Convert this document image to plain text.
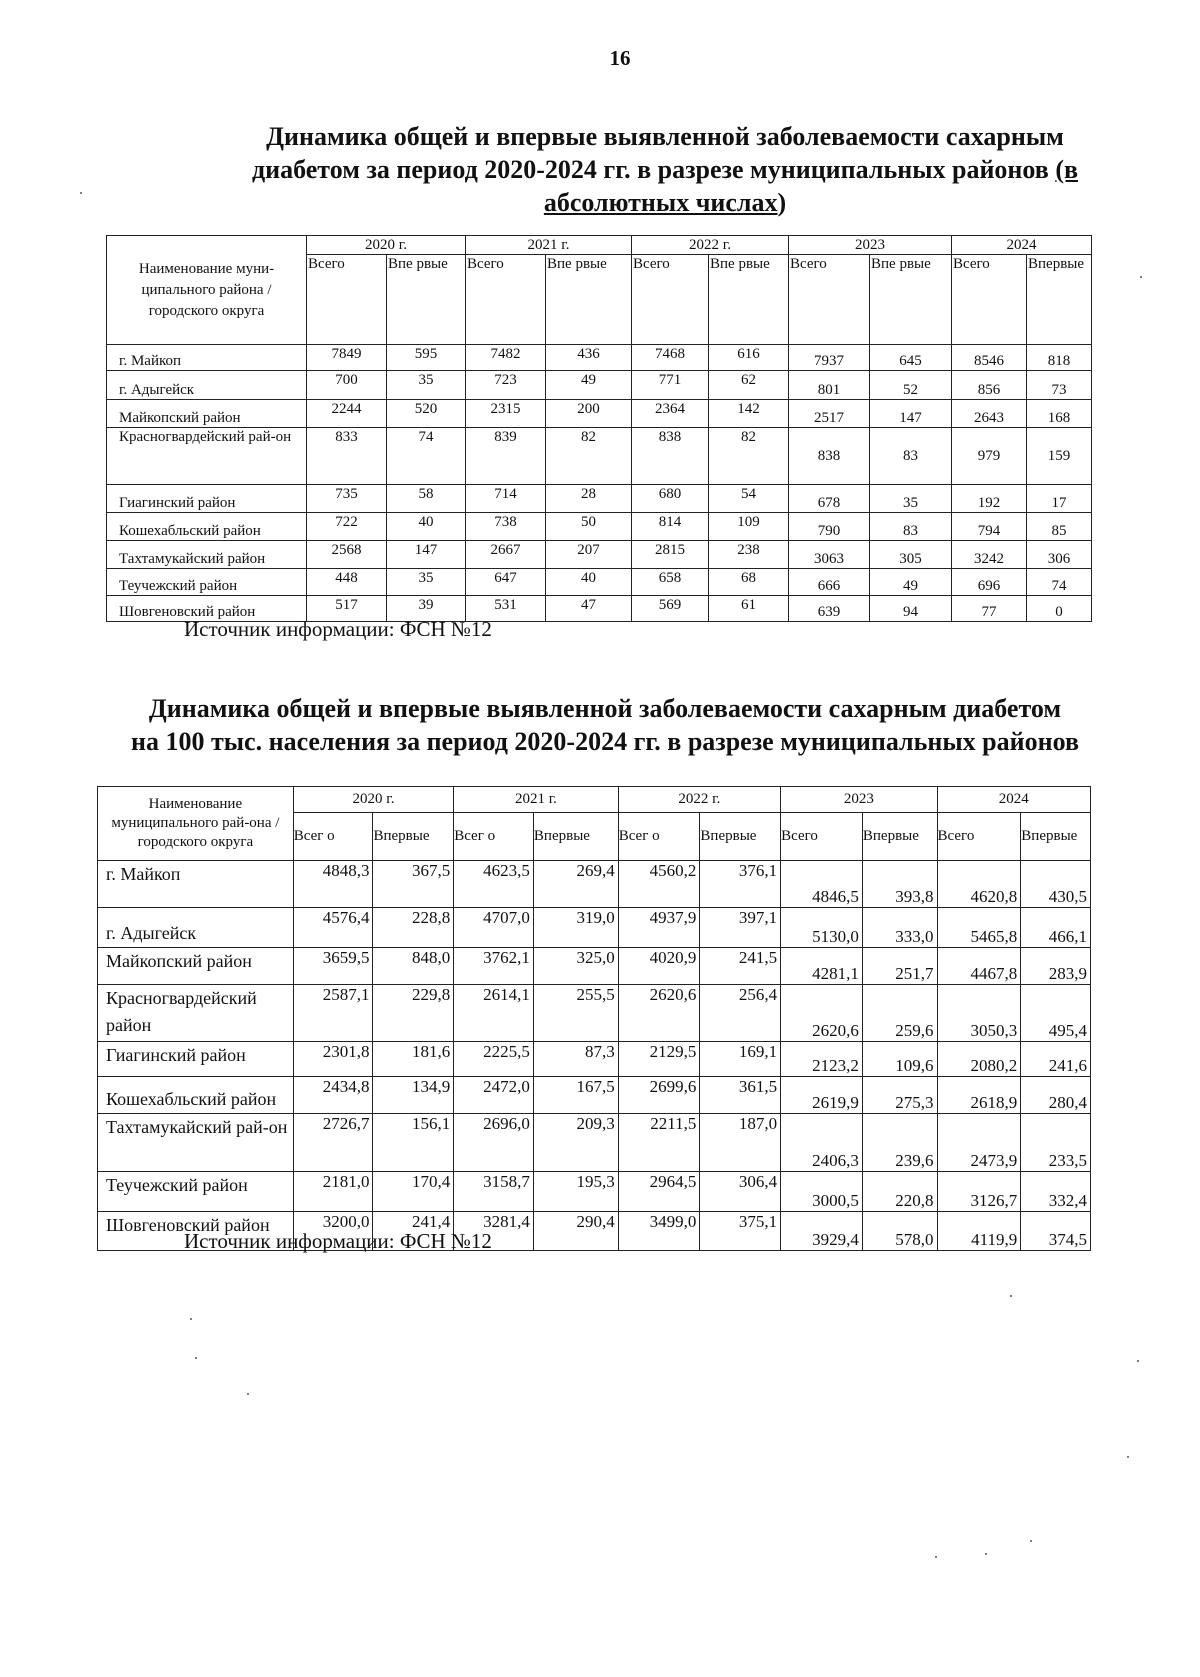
16
Динамика общей и впервые выявленной заболеваемости сахарным
диабетом за период 2020-2024 гг. в разрезе муниципальных районов (в
абсолютных числах)
Наименование муни-ципального района / городского округа	2020 г.		2021 г.		2022 г.		2023		2024	
	Всего	Впе рвые	Всего	Впе рвые	Всего	Впе рвые	Всего	Впе рвые	Всего	Впервые
г. Майкоп	7849	595	7482	436	7468	616	7937	645	8546	818
г. Адыгейск	700	35	723	49	771	62	801	52	856	73
Майкопский район	2244	520	2315	200	2364	142	2517	147	2643	168
Красногвардейский рай-он	833	74	839	82	838	82	838	83	979	159
Гиагинский район	735	58	714	28	680	54	678	35	192	17
Кошехабльский район	722	40	738	50	814	109	790	83	794	85
Тахтамукайский район	2568	147	2667	207	2815	238	3063	305	3242	306
Теучежский район	448	35	647	40	658	68	666	49	696	74
Шовгеновский район	517	39	531	47	569	61	639	94	77	0
Источник информации: ФСН №12
Динамика общей и впервые выявленной заболеваемости сахарным диабетом
на 100 тыс. населения за период 2020-2024 гг. в разрезе муниципальных районов
Наименование муниципального рай-она / городского округа	2020 г.		2021 г.		2022 г.		2023		2024	
	Всег о	Впервые	Всег о	Впервые	Всег о	Впервые	Всего	Впервые	Всего	Впервые
г. Майкоп	4848,3	367,5	4623,5	269,4	4560,2	376,1	4846,5	393,8	4620,8	430,5
г. Адыгейск	4576,4	228,8	4707,0	319,0	4937,9	397,1	5130,0	333,0	5465,8	466,1
Майкопский район	3659,5	848,0	3762,1	325,0	4020,9	241,5	4281,1	251,7	4467,8	283,9
Красногвардейский район	2587,1	229,8	2614,1	255,5	2620,6	256,4	2620,6	259,6	3050,3	495,4
Гиагинский район	2301,8	181,6	2225,5	87,3	2129,5	169,1	2123,2	109,6	2080,2	241,6
Кошехабльский район	2434,8	134,9	2472,0	167,5	2699,6	361,5	2619,9	275,3	2618,9	280,4
Тахтамукайский рай-он	2726,7	156,1	2696,0	209,3	2211,5	187,0	2406,3	239,6	2473,9	233,5
Теучежский район	2181,0	170,4	3158,7	195,3	2964,5	306,4	3000,5	220,8	3126,7	332,4
Шовгеновский район	3200,0	241,4	3281,4	290,4	3499,0	375,1	3929,4	578,0	4119,9	374,5
Источник информации: ФСН №12
